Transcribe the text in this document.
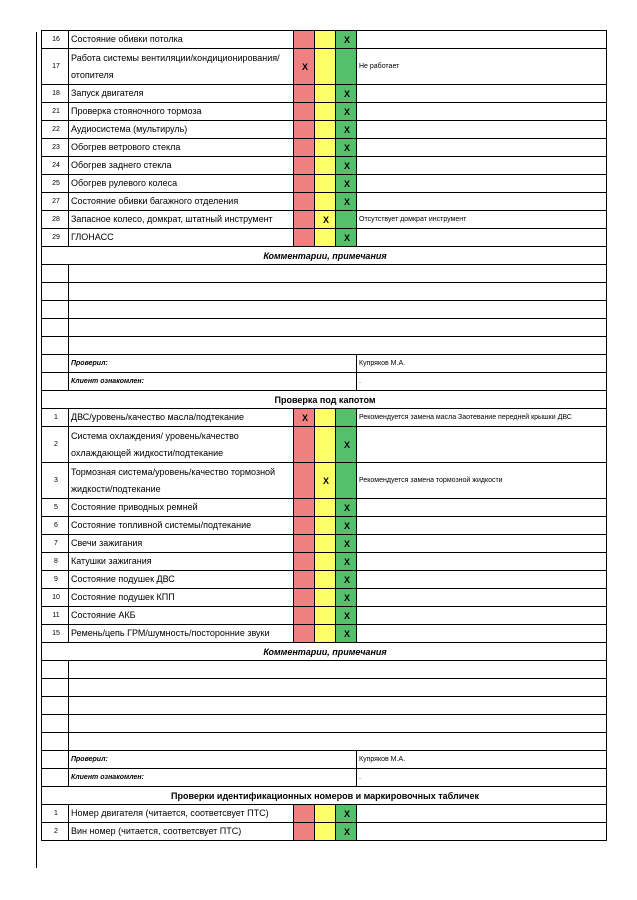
16	Состояние обивки потолка			X	
17	Работа системы вентиляции/кондиционирования/ отопителя	X			Не работает
18	Запуск двигателя			X	
21	Проверка стояночного тормоза			X	
22	Аудиосистема (мультируль)			X	
23	Обогрев ветрового стекла			X	
24	Обогрев заднего стекла			X	
25	Обогрев рулевого колеса			X	
27	Состояние обивки багажного отделения			X	
28	Запасное колесо, домкрат, штатный инструмент		X		Отсутствует домкрат инструмент
29	ГЛОНАСС			X	
Комментарии, примечания					

	Проверил:				Купряков М.А.
	Клиент ознакомлен:				.
Проверка под капотом					
1	ДВС/уровень/качество масла/подтекание	X			Рекомендуется замена масла Заотевание передней крышки ДВС
2	Система охлаждения/ уровень/качество охлаждающей жидкости/подтекание			X	
3	Тормозная система/уровень/качество тормозной жидкости/подтекание		X		Рекомендуется замена тормозной жидкости
5	Состояние приводных ремней			X	
6	Состояние топливной системы/подтекание			X	
7	Свечи зажигания			X	
8	Катушки зажигания			X	
9	Состояние подушек ДВС			X	
10	Состояние подушек КПП			X	
11	Состояние АКБ			X	
15	Ремень/цепь ГРМ/шумность/посторонние звуки			X	
Комментарии, примечания					

	Проверил:				Купряков М.А.
	Клиент ознакомлен:				.
Проверки идентификационных номеров и маркировочных табличек					
1	Номер двигателя (читается, соответсвует ПТС)			X	
2	Вин номер (читается, соответсвует ПТС)			X	
